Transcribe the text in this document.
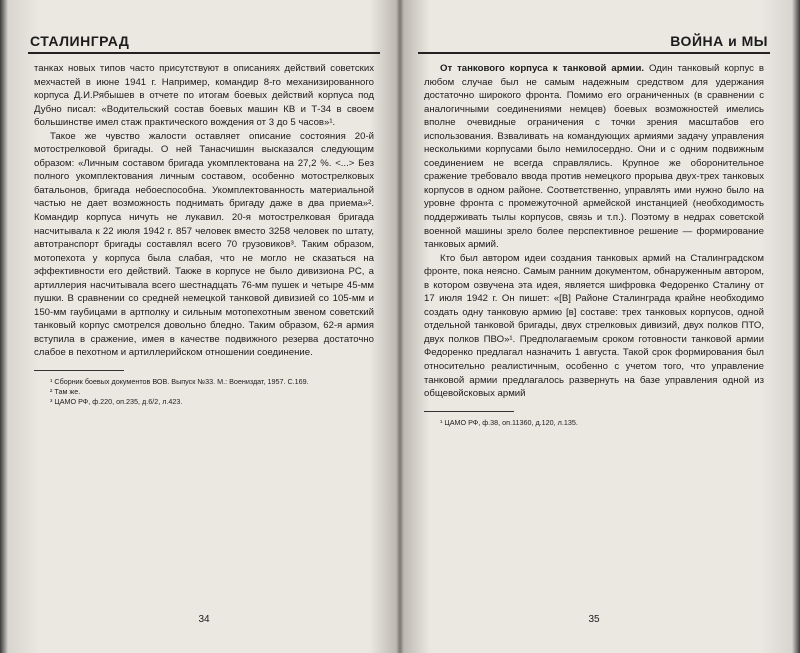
СТАЛИНГРАД

танках новых типов часто присутствуют в описаниях действий советских мехчастей в июне 1941 г. Например, командир 8-го механизированного корпуса Д.И.Рябышев в отчете по итогам боевых действий корпуса под Дубно писал: «Водительский состав боевых машин КВ и Т-34 в своем большинстве имел стаж практического вождения от 3 до 5 часов»¹.

Такое же чувство жалости оставляет описание состояния 20-й мотострелковой бригады. О ней Танасчишин высказался следующим образом: «Личным составом бригада укомплектована на 27,2 %. <...> Без полного укомплектования личным составом, особенно мотострелковых батальонов, бригада небоеспособна. Укомплектованность материальной частью не дает возможность поднимать бригаду даже в два приема»². Командир корпуса ничуть не лукавил. 20-я мотострелковая бригада насчитывала к 22 июля 1942 г. 857 человек вместо 3258 человек по штату, автотранспорт бригады составлял всего 70 грузовиков³. Таким образом, мотопехота у корпуса была слабая, что не могло не сказаться на эффективности его действий. Также в корпусе не было дивизиона РС, а артиллерия насчитывала всего шестнадцать 76-мм пушек и четыре 45-мм пушки. В сравнении со средней немецкой танковой дивизией со 105-мм и 150-мм гаубицами в артполку и сильным мотопехотным звеном советский танковый корпус смотрелся довольно бледно. Таким образом, 62-я армия вступила в сражение, имея в качестве подвижного резерва достаточно слабое в пехотном и артиллерийском отношении соединение.

¹ Сборник боевых документов ВОВ. Выпуск №33. М.: Воениздат, 1957. С.169.

² Там же.

³ ЦАМО РФ, ф.220, оп.235, д.6/2, л.423.

34
ВОЙНА и МЫ

От танкового корпуса к танковой армии. Один танковый корпус в любом случае был не самым надежным средством для удержания достаточно широкого фронта. Помимо его ограниченных (в сравнении с аналогичными соединениями немцев) боевых возможностей имелись вполне очевидные ограничения с точки зрения масштабов его использования. Взваливать на командующих армиями задачу управления несколькими корпусами было немилосердно. Они и с одним подвижным соединением не всегда справлялись. Крупное же оборонительное сражение требовало ввода против немецкого прорыва двух-трех танковых корпусов в одном районе. Соответственно, управлять ими нужно было на уровне фронта с промежуточной армейской инстанцией (необходимость поддерживать тылы корпусов, связь и т.п.). Поэтому в недрах советской военной машины зрело более перспективное решение — формирование танковых армий.

Кто был автором идеи создания танковых армий на Сталинградском фронте, пока неясно. Самым ранним документом, обнаруженным автором, в котором озвучена эта идея, является шифровка Федоренко Сталину от 17 июля 1942 г. Он пишет: «[В] Районе Сталинграда крайне необходимо создать одну танковую армию [в] составе: трех танковых корпусов, одной отдельной танковой бригады, двух стрелковых дивизий, двух полков ПТО, двух полков ПВО»¹. Предполагаемым сроком готовности танковой армии Федоренко предлагал назначить 1 августа. Такой срок формирования был относительно реалистичным, особенно с учетом того, что управление танковой армии предлагалось развернуть на базе управления одной из общевойсковых армий

¹ ЦАМО РФ, ф.38, оп.11360, д.120, л.135.

35
